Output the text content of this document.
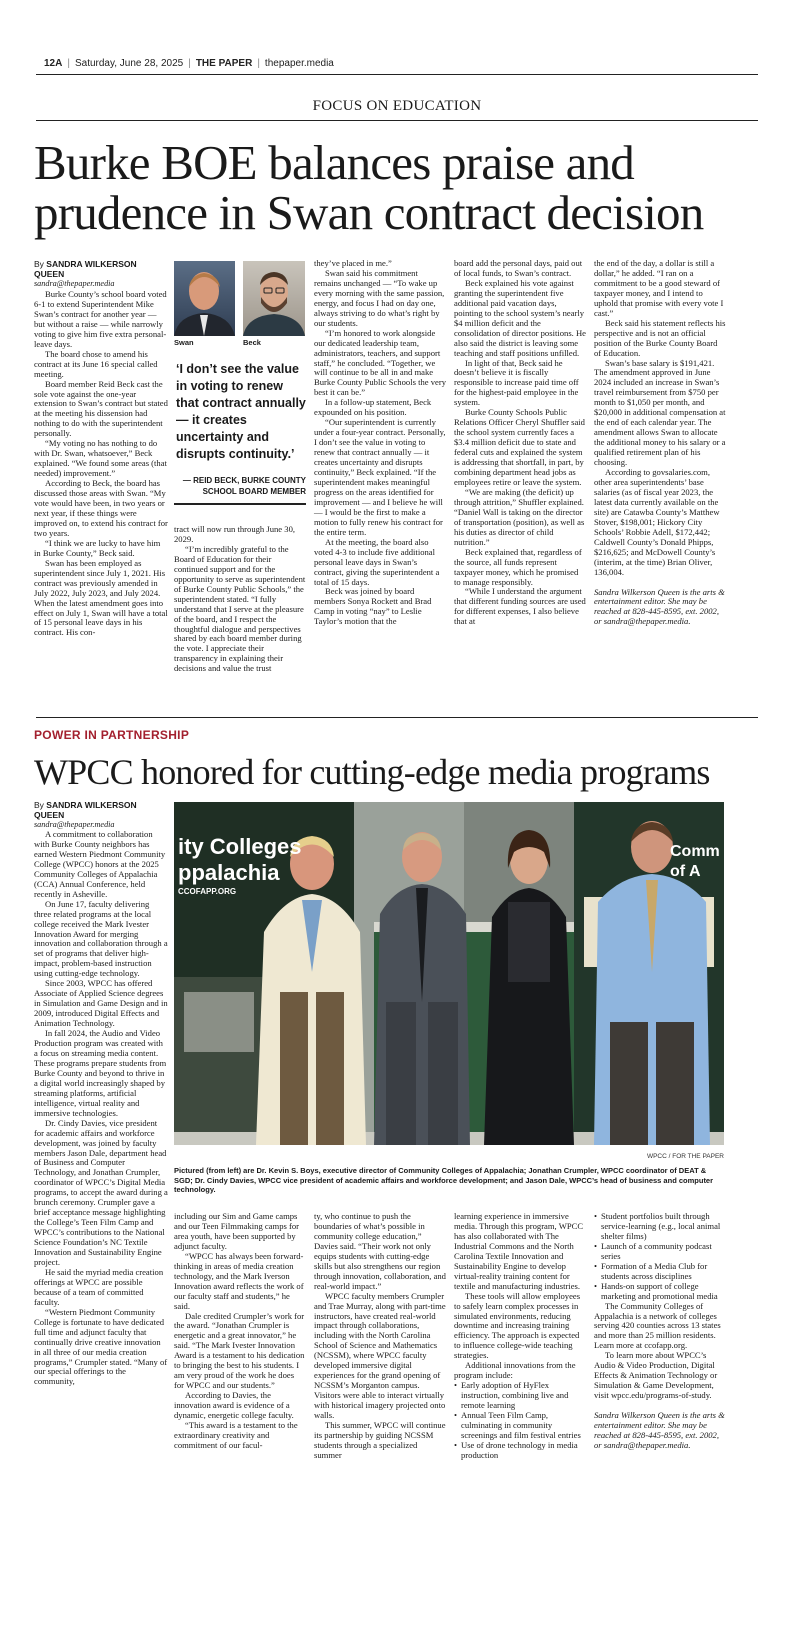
12A | Saturday, June 28, 2025 | THE PAPER | thepaper.media
FOCUS ON EDUCATION
Burke BOE balances praise and
prudence in Swan contract decision
By SANDRA WILKERSON QUEEN
sandra@thepaper.media

Burke County’s school board voted 6-1 to extend Superintendent Mike Swan’s contract for another year — but without a raise — while narrowly voting to give him five extra personal-leave days.

The board chose to amend his contract at its June 16 special called meeting.

Board member Reid Beck cast the sole vote against the one-year extension to Swan’s contract but stated at the meeting his dissension had nothing to do with the superintendent personally.

“My voting no has nothing to do with Dr. Swan, whatsoever,” Beck explained. “We found some areas (that needed) improvement.”

According to Beck, the board has discussed those areas with Swan. “My vote would have been, in two years or next year, if these things were improved on, to extend his contract for two years.

“I think we are lucky to have him in Burke County,” Beck said.

Swan has been employed as superintendent since July 1, 2021. His contract was previously amended in July 2022, July 2023, and July 2024. When the latest amendment goes into effect on July 1, Swan will have a total of 15 personal leave days in his contract. His con-

Swan	Beck
‘I don’t see the value in voting to renew that contract annually — it creates uncertainty and disrupts continuity.’
— REID BECK, BURKE COUNTY
SCHOOL BOARD MEMBER

tract will now run through June 30, 2029.

“I’m incredibly grateful to the Board of Education for their continued support and for the opportunity to serve as superintendent of Burke County Public Schools,” the superintendent stated. “I fully understand that I serve at the pleasure of the board, and I respect the thoughtful dialogue and perspectives shared by each board member during the vote. I appreciate their transparency in explaining their decisions and value the trust

they’ve placed in me.”

Swan said his commitment remains unchanged — “To wake up every morning with the same passion, energy, and focus I had on day one, always striving to do what’s right by our students.

“I’m honored to work alongside our dedicated leadership team, administrators, teachers, and support staff,” he concluded. “Together, we will continue to be all in and make Burke County Public Schools the very best it can be.”

In a follow-up statement, Beck expounded on his position.

“Our superintendent is currently under a four-year contract. Personally, I don’t see the value in voting to renew that contract annually — it creates uncertainty and disrupts continuity,” Beck explained. “If the superintendent makes meaningful progress on the areas identified for improvement — and I believe he will — I would be the first to make a motion to fully renew his contract for the entire term.

At the meeting, the board also voted 4-3 to include five additional personal leave days in Swan’s contract, giving the superintendent a total of 15 days.

Beck was joined by board members Sonya Rockett and Brad Camp in voting “nay” to Leslie Taylor’s motion that the

board add the personal days, paid out of local funds, to Swan’s contract.

Beck explained his vote against granting the superintendent five additional paid vacation days, pointing to the school system’s nearly $4 million deficit and the consolidation of director positions. He also said the district is leaving some teaching and staff positions unfilled.

In light of that, Beck said he doesn’t believe it is fiscally responsible to increase paid time off for the highest-paid employee in the system.

Burke County Schools Public Relations Officer Cheryl Shuffler said the school system currently faces a $3.4 million deficit due to state and federal cuts and explained the system is addressing that shortfall, in part, by combining department head jobs as employees retire or leave the system.

“We are making (the deficit) up through attrition,” Shuffler explained. “Daniel Wall is taking on the director of transportation (position), as well as his duties as director of child nutrition.”

Beck explained that, regardless of the source, all funds represent taxpayer money, which he promised to manage responsibly.

“While I understand the argument that different funding sources are used for different expenses, I also believe that at

the end of the day, a dollar is still a dollar,” he added. “I ran on a commitment to be a good steward of taxpayer money, and I intend to uphold that promise with every vote I cast.”

Beck said his statement reflects his perspective and is not an official position of the Burke County Board of Education.

Swan’s base salary is $191,421. The amendment approved in June 2024 included an increase in Swan’s travel reimbursement from $750 per month to $1,050 per month, and $20,000 in additional compensation at the end of each calendar year. The amendment allows Swan to allocate the additional money to his salary or a qualified retirement plan of his choosing.

According to govsalaries.com, other area superintendents’ base salaries (as of fiscal year 2023, the latest data currently available on the site) are Catawba County’s Matthew Stover, $198,001; Hickory City Schools’ Robbie Adell, $172,442; Caldwell County’s Donald Phipps, $216,625; and McDowell County’s (interim, at the time) Brian Oliver, 136,004.

Sandra Wilkerson Queen is the arts & entertainment editor. She may be reached at 828-445-8595, ext. 2002, or sandra@thepaper.media.

POWER IN PARTNERSHIP
WPCC honored for cutting-edge media programs
By SANDRA WILKERSON QUEEN
sandra@thepaper.media

A commitment to collaboration with Burke County neighbors has earned Western Piedmont Community College (WPCC) honors at the 2025 Community Colleges of Appalachia (CCA) Annual Conference, held recently in Asheville.

On June 17, faculty delivering three related programs at the local college received the Mark Ivester Innovation Award for merging innovation and collaboration through a set of programs that deliver high-impact, problem-based instruction using cutting-edge technology.

Since 2003, WPCC has offered Associate of Applied Science degrees in Simulation and Game Design and in 2009, introduced Digital Effects and Animation Technology.

In fall 2024, the Audio and Video Production program was created with a focus on streaming media content. These programs prepare students from Burke County and beyond to thrive in a digital world increasingly shaped by streaming platforms, artificial intelligence, virtual reality and immersive technologies.

Dr. Cindy Davies, vice president for academic affairs and workforce development, was joined by faculty members Jason Dale, department head of Business and Computer Technology, and Jonathan Crumpler, coordinator of WPCC’s Digital Media programs, to accept the award during a brunch ceremony. Crumpler gave a brief acceptance message highlighting the College’s Teen Film Camp and WPCC’s contributions to the National Science Foundation’s NC Textile Innovation and Sustainability Engine project.

He said the myriad media creation offerings at WPCC are possible because of a team of committed faculty.

“Western Piedmont Community College is fortunate to have dedicated full time and adjunct faculty that continually drive creative innovation in all three of our media creation programs,” Crumpler stated. “Many of our special offerings to the community,

ity Colleges
ppalachia
CCOFAPP.ORG
Comm
of A
WPCC / FOR THE PAPER
Pictured (from left) are Dr. Kevin S. Boys, executive director of Community Colleges of Appalachia; Jonathan Crumpler, WPCC coordinator of DEAT & SGD; Dr. Cindy Davies, WPCC vice president of academic affairs and workforce development; and Jason Dale, WPCC’s head of business and computer technology.

including our Sim and Game camps and our Teen Filmmaking camps for area youth, have been supported by adjunct faculty.

“WPCC has always been forward-thinking in areas of media creation technology, and the Mark Iverson Innovation award reflects the work of our faculty staff and students,” he said.

Dale credited Crumpler’s work for the award. “Jonathan Crumpler is energetic and a great innovator,” he said. “The Mark Ivester Innovation Award is a testament to his dedication to bringing the best to his students. I am very proud of the work he does for WPCC and our students.”

According to Davies, the innovation award is evidence of a dynamic, energetic college faculty.

“This award is a testament to the extraordinary creativity and commitment of our facul-

ty, who continue to push the boundaries of what’s possible in community college education,” Davies said. “Their work not only equips students with cutting-edge skills but also strengthens our region through innovation, collaboration, and real-world impact.”

WPCC faculty members Crumpler and Trae Murray, along with part-time instructors, have created real-world impact through collaborations, including with the North Carolina School of Science and Mathematics (NCSSM), where WPCC faculty developed immersive digital experiences for the grand opening of NCSSM’s Morganton campus. Visitors were able to interact virtually with historical imagery projected onto walls.

This summer, WPCC will continue its partnership by guiding NCSSM students through a specialized summer

learning experience in immersive media. Through this program, WPCC has also collaborated with The Industrial Commons and the North Carolina Textile Innovation and Sustainability Engine to develop virtual-reality training content for textile and manufacturing industries.

These tools will allow employees to safely learn complex processes in simulated environments, reducing downtime and increasing training efficiency. The approach is expected to influence college-wide teaching strategies.

Additional innovations from the program include:

• Early adoption of HyFlex instruction, combining live and remote learning
• Annual Teen Film Camp, culminating in community screenings and film festival entries
• Use of drone technology in media production
• Student portfolios built through service-learning (e.g., local animal shelter films)
• Launch of a community podcast series
• Formation of a Media Club for students across disciplines
• Hands-on support of college marketing and promotional media

The Community Colleges of Appalachia is a network of colleges serving 420 counties across 13 states and more than 25 million residents. Learn more at ccofapp.org.

To learn more about WPCC’s Audio & Video Production, Digital Effects & Animation Technology or Simulation & Game Development, visit wpcc.edu/programs-of-study.

Sandra Wilkerson Queen is the arts & entertainment editor. She may be reached at 828-445-8595, ext. 2002, or sandra@thepaper.media.
